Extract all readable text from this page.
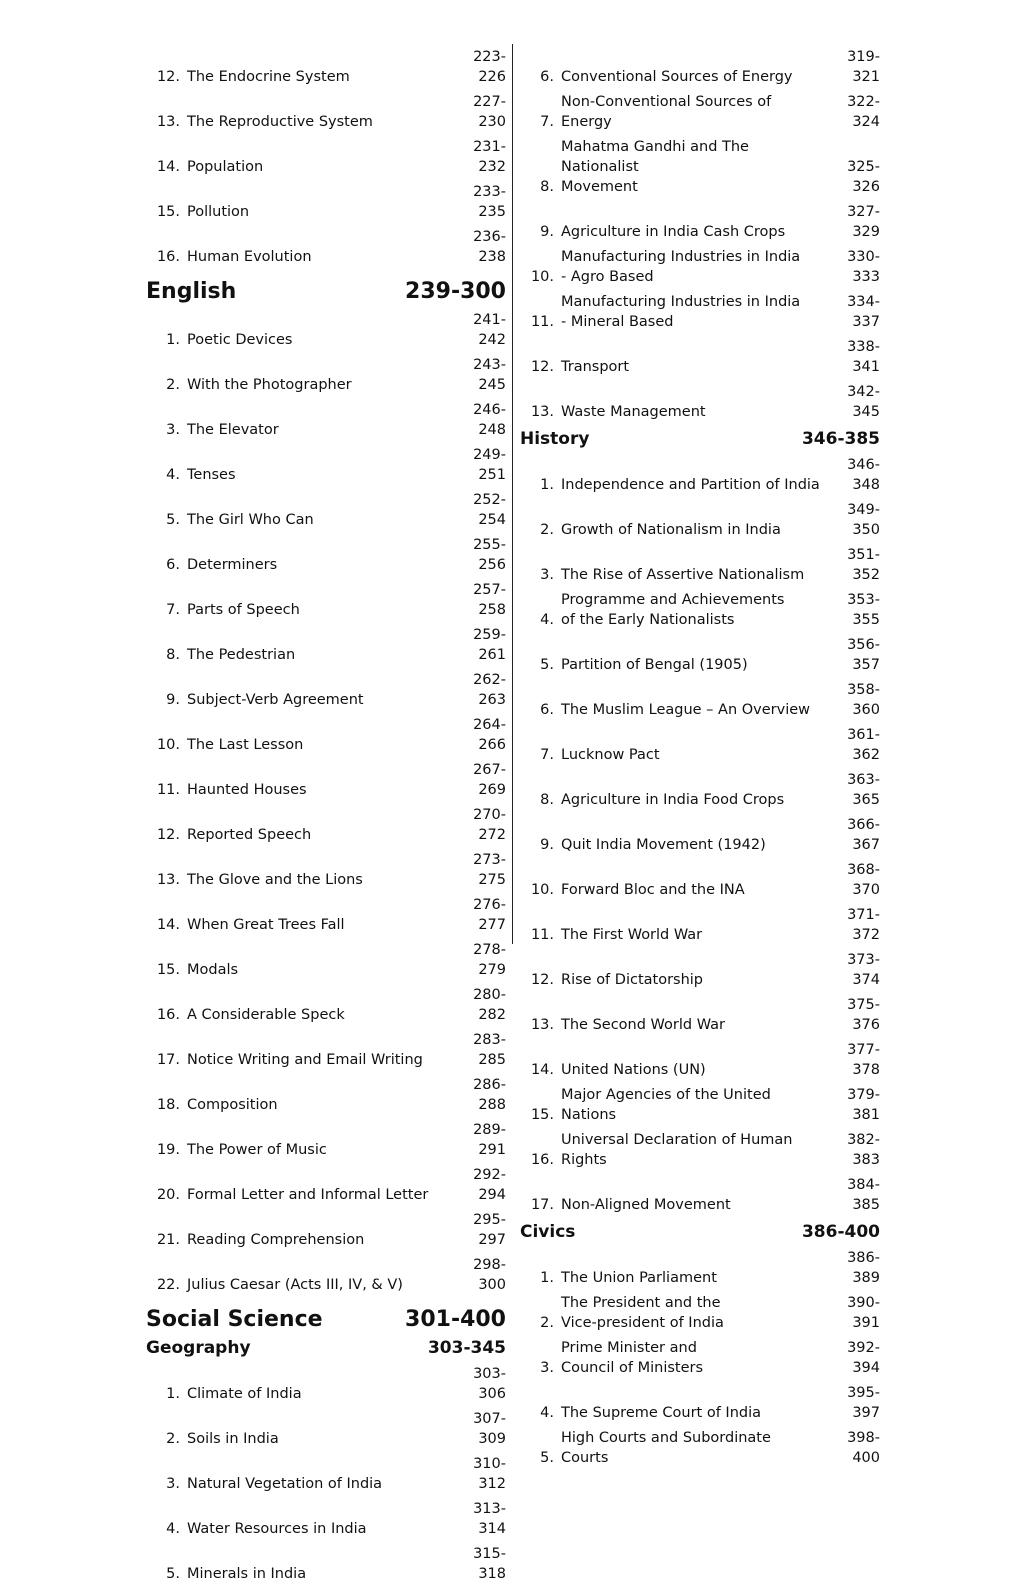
12. The Endocrine System
223-226
13. The Reproductive System
227-230
14. Population
231-232
15. Pollution
233-235
16. Human Evolution
236-238
English	239-300
1. Poetic Devices
241-242
2. With the Photographer
243-245
3. The Elevator
246-248
4. Tenses
249-251
5. The Girl Who Can
252-254
6. Determiners
255-256
7. Parts of Speech
257-258
8. The Pedestrian
259-261
9. Subject-Verb Agreement
262-263
10. The Last Lesson
264-266
11. Haunted Houses
267-269
12. Reported Speech
270-272
13. The Glove and the Lions
273-275
14. When Great Trees Fall
276-277
15. Modals
278-279
16. A Considerable Speck
280-282
17. Notice Writing and Email Writing
283-285
18. Composition
286-288
19. The Power of Music
289-291
20. Formal Letter and Informal Letter
292-294
21. Reading Comprehension
295-297
22. Julius Caesar (Acts III, IV, & V)
298-300
Social Science	301-400
Geography	303-345
1. Climate of India
303-306
2. Soils in India
307-309
3. Natural Vegetation of India
310-312
4. Water Resources in India
313-314
5. Minerals in India
315-318
6. Conventional Sources of Energy
319-321
7.
Non-Conventional Sources of Energy
322-324
8.
Mahatma Gandhi and The Nationalist
Movement
325-326
9. Agriculture in India Cash Crops
327-329
10.
Manufacturing Industries in India
- Agro Based
330-333
11.
Manufacturing Industries in India
- Mineral Based
334-337
12. Transport
338-341
13. Waste Management
342-345
History	346-385
1. Independence and Partition of India
346-348
2. Growth of Nationalism in India
349-350
3. The Rise of Assertive Nationalism
351-352
4.
Programme and Achievements
of the Early Nationalists
353-355
5. Partition of Bengal (1905)
356-357
6. The Muslim League – An Overview
358-360
7. Lucknow Pact
361-362
8. Agriculture in India Food Crops
363-365
9. Quit India Movement (1942)
366-367
10. Forward Bloc and the INA
368-370
11. The First World War
371-372
12. Rise of Dictatorship
373-374
13. The Second World War
375-376
14. United Nations (UN)
377-378
15.
Major Agencies of the United Nations
379-381
16.
Universal Declaration of Human Rights
382-383
17. Non-Aligned Movement
384-385
Civics	386-400
1. The Union Parliament
386-389
2.
The President and the
Vice-president of India
390-391
3.
Prime Minister and
Council of Ministers
392-394
4. The Supreme Court of India
395-397
5.
High Courts and Subordinate Courts
398-400
